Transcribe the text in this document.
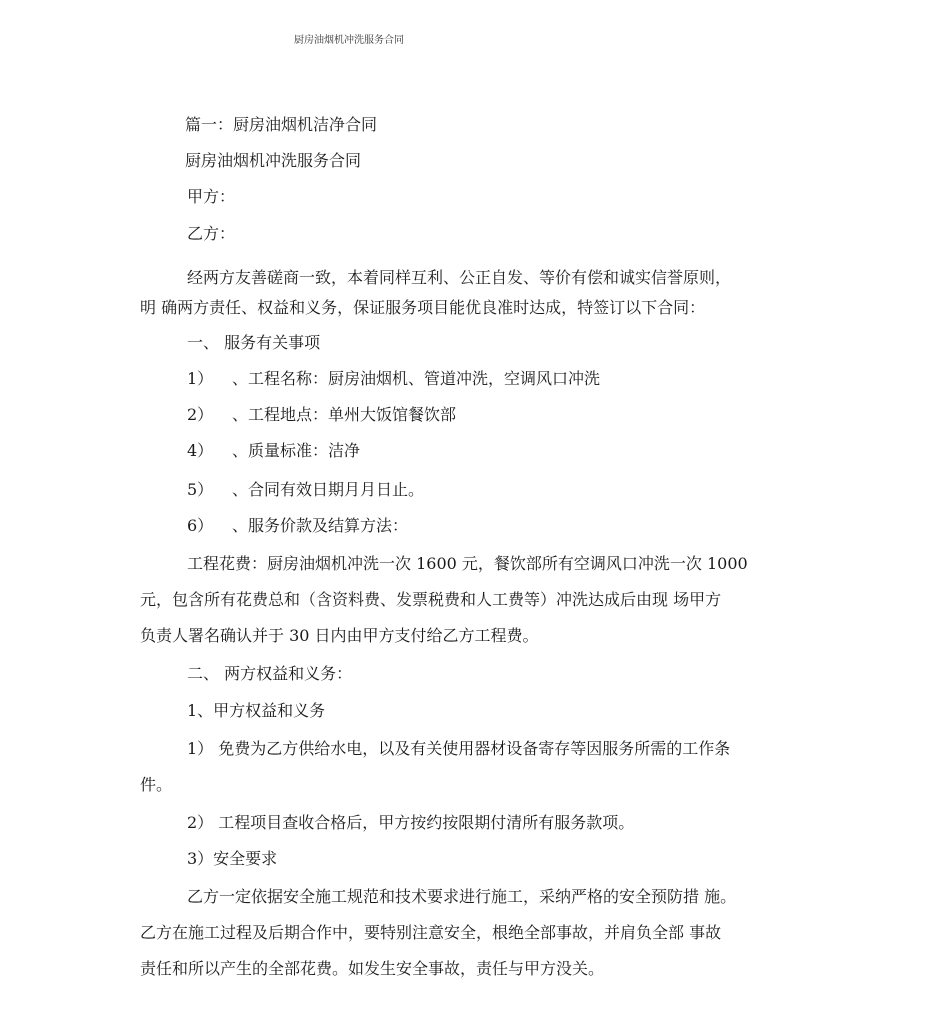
厨房油烟机冲洗服务合同
篇一：厨房油烟机洁净合同
厨房油烟机冲洗服务合同
甲方：
乙方：
经两方友善磋商一致，本着同样互利、公正自发、等价有偿和诚实信誉原则，
明 确两方责任、权益和义务，保证服务项目能优良准时达成，特签订以下合同：
一、 服务有关事项
1） 、工程名称：厨房油烟机、管道冲洗，空调风口冲洗
2） 、工程地点：单州大饭馆餐饮部
4） 、质量标准：洁净
5） 、合同有效日期月月日止。
6） 、服务价款及结算方法：
工程花费：厨房油烟机冲洗一次 1600 元，餐饮部所有空调风口冲洗一次 1000
元，包含所有花费总和（含资料费、发票税费和人工费等）冲洗达成后由现 场甲方
负责人署名确认并于 30 日内由甲方支付给乙方工程费。
二、 两方权益和义务：
1、甲方权益和义务
1） 免费为乙方供给水电，以及有关使用器材设备寄存等因服务所需的工作条
件。
2） 工程项目查收合格后，甲方按约按限期付清所有服务款项。
3）安全要求
乙方一定依据安全施工规范和技术要求进行施工，采纳严格的安全预防措 施。
乙方在施工过程及后期合作中，要特别注意安全，根绝全部事故，并肩负全部 事故
责任和所以产生的全部花费。如发生安全事故，责任与甲方没关。
